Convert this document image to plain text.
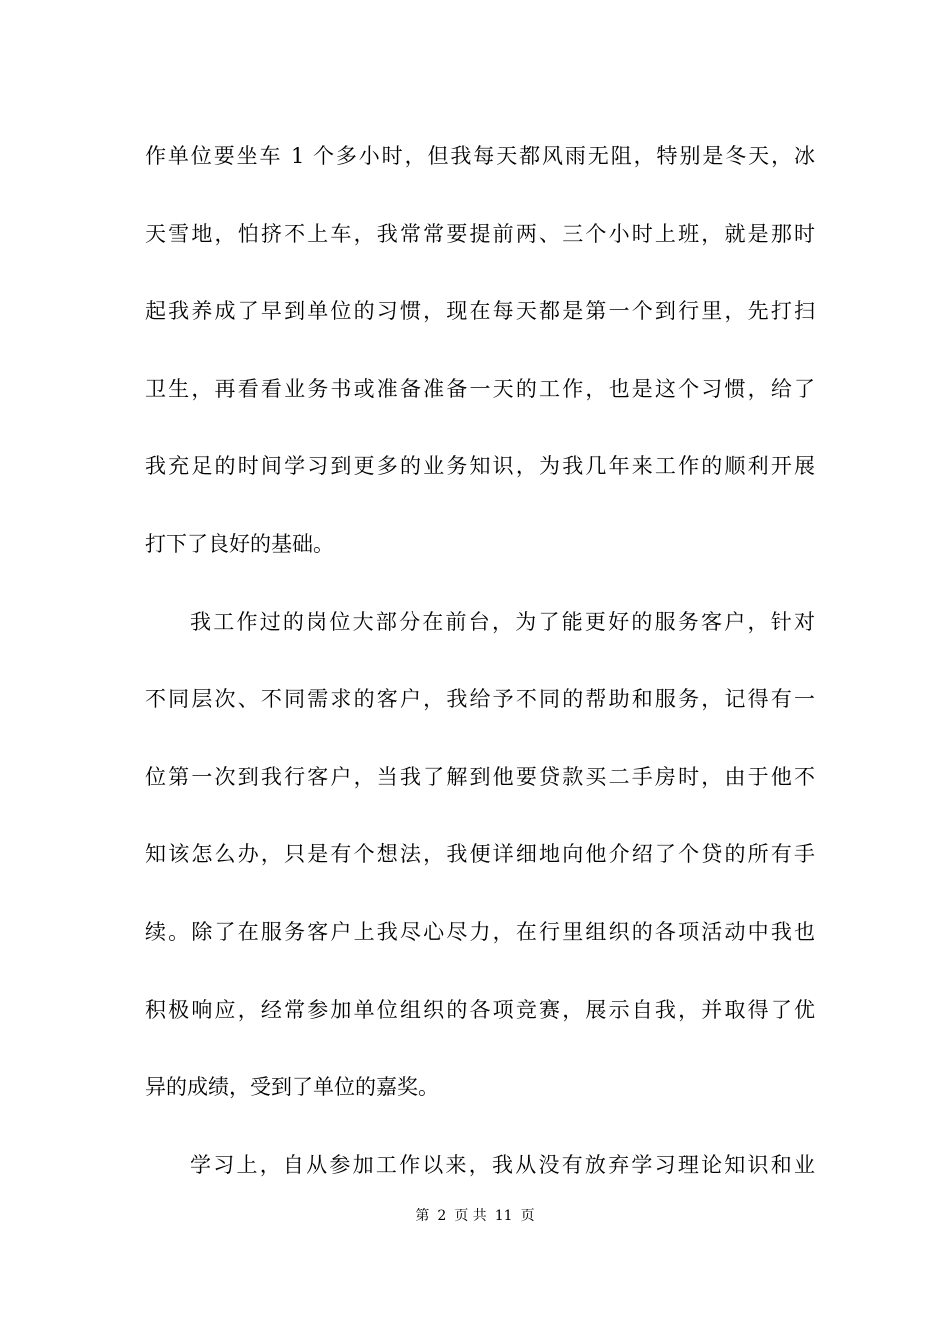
作单位要坐车 1 个多小时，但我每天都风雨无阻，特别是冬天，冰
天雪地，怕挤不上车，我常常要提前两、三个小时上班，就是那时
起我养成了早到单位的习惯，现在每天都是第一个到行里，先打扫
卫生，再看看业务书或准备准备一天的工作，也是这个习惯，给了
我充足的时间学习到更多的业务知识，为我几年来工作的顺利开展
打下了良好的基础。
我工作过的岗位大部分在前台，为了能更好的服务客户，针对
不同层次、不同需求的客户，我给予不同的帮助和服务，记得有一
位第一次到我行客户，当我了解到他要贷款买二手房时，由于他不
知该怎么办，只是有个想法，我便详细地向他介绍了个贷的所有手
续。除了在服务客户上我尽心尽力，在行里组织的各项活动中我也
积极响应，经常参加单位组织的各项竞赛，展示自我，并取得了优
异的成绩，受到了单位的嘉奖。
学习上，自从参加工作以来，我从没有放弃学习理论知识和业
第 2 页 共 11 页
